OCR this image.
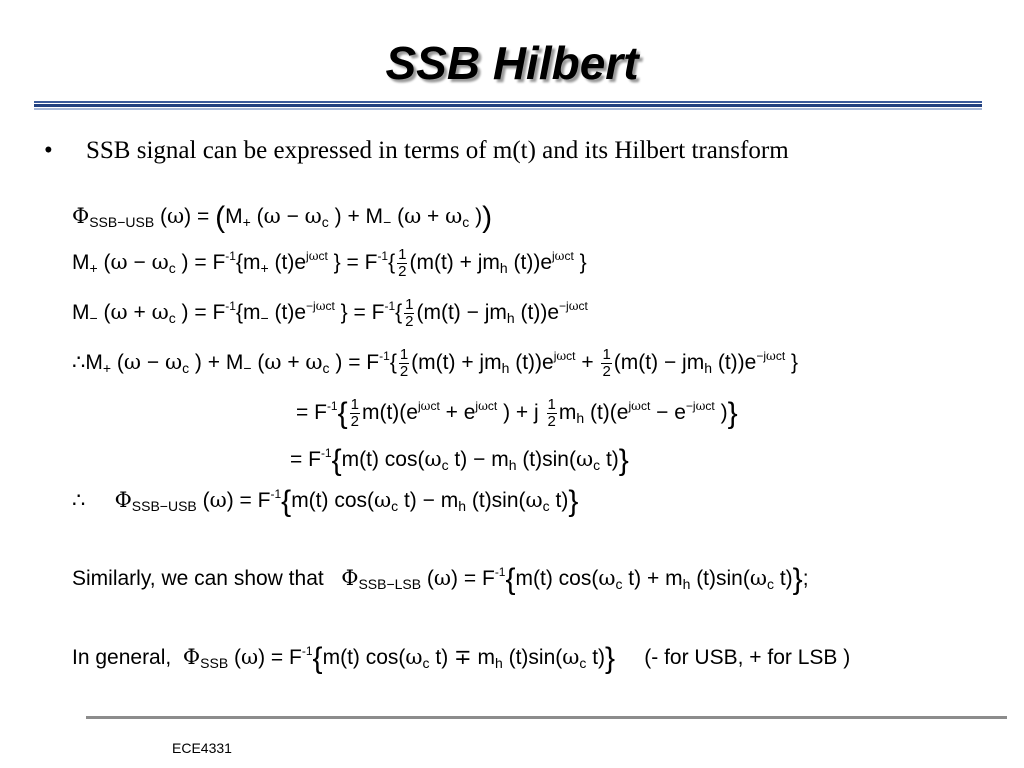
SSB Hilbert
• SSB signal can be expressed in terms of m(t) and its Hilbert transform
$\Phi_{SSB-USB}$ $(\omega) = (M_+$ ($\omega - \omega_c$ ) + $M_-$ ($\omega + \omega_c$ ))
$M_+$ ($\omega - \omega_c$ ) = $F^{-1}\{m_+$ $(t)e^{j\omega ct}$ } = $F^{-1}\{ \frac{1}{2} (m(t) + jm_h$ $(t))e^{j\omega ct}$ }
$M_-$ ($\omega + \omega_c$ ) = $F^{-1}\{m_-$ $(t)e^{-j\omega ct}$ } = $F^{-1}\{ \frac{1}{2} (m(t) - jm_h$ $(t))e^{-j\omega ct}$
$\therefore M_+$ ($\omega - \omega_c$ ) + $M_-$ ($\omega + \omega_c$ ) = $F^{-1}\{ \frac{1}{2} (m(t) + jm_h$ $(t))e^{j\omega ct} + \frac{1}{2} (m(t) - jm_h$ $(t))e^{-j\omega ct}$ }
= $F^{-1}\{ \frac{1}{2} m(t)(e^{j\omega ct} + e^{j\omega ct}$ ) + j $\frac{1}{2} m_h$ $(t)(e^{j\omega ct} - e^{-j\omega ct}$ )}
= $F^{-1}\{m(t)$ $\cos(\omega_c$ $t) - m_h$ $(t)\sin(\omega_c$ t)}
∴ $\Phi_{SSB-USB}$ $(\omega) = F^{-1}\{m(t)$ $\cos(\omega_c$ $t) - m_h$ $(t)\sin(\omega_c$ t)}
Similarly, we can show that $\Phi_{SSB-LSB}$ $(\omega) = F^{-1}\{m(t)$ $\cos(\omega_c$ $t) + m_h$ $(t)\sin(\omega_c$ t)};
In general, $\Phi_{SSB}$ $(\omega) = F^{-1}\{m(t)$ $\cos(\omega_c$ $t) \mp m_h$ $(t)\sin(\omega_c$ t)} (- for USB, + for LSB )
ECE4331
